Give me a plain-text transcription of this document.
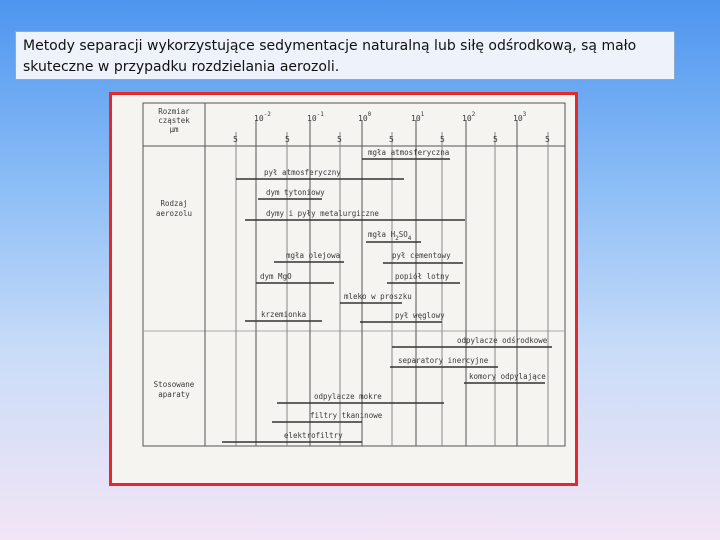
Metody separacji wykorzystujące sedymentacje naturalną lub siłę odśrodkową, są mało
skuteczne w przypadku rozdzielania aerozoli.
Rozmiar
cząstek
μm
$10^{-2}$	$10^{-1}$	$10^0$	$10^1$	$10^2$	$10^3$
5	5	5	5	5	5	5
Rodzaj
aerozolu
Stosowane
aparaty
mgła atmosferyczna
pył atmosferyczny
dym tytoniowy
dymy i pyły metalurgiczne
mgła $H_2SO_4$
mgła olejowa	pył cementowy
dym MgO	popiół lotny
mleko w proszku
krzemionka	pył węglowy
odpylacze odśrodkowe
separatory inercyjne
komory odpylające
odpylacze mokre
filtry tkaninowe
elektrofiltry
